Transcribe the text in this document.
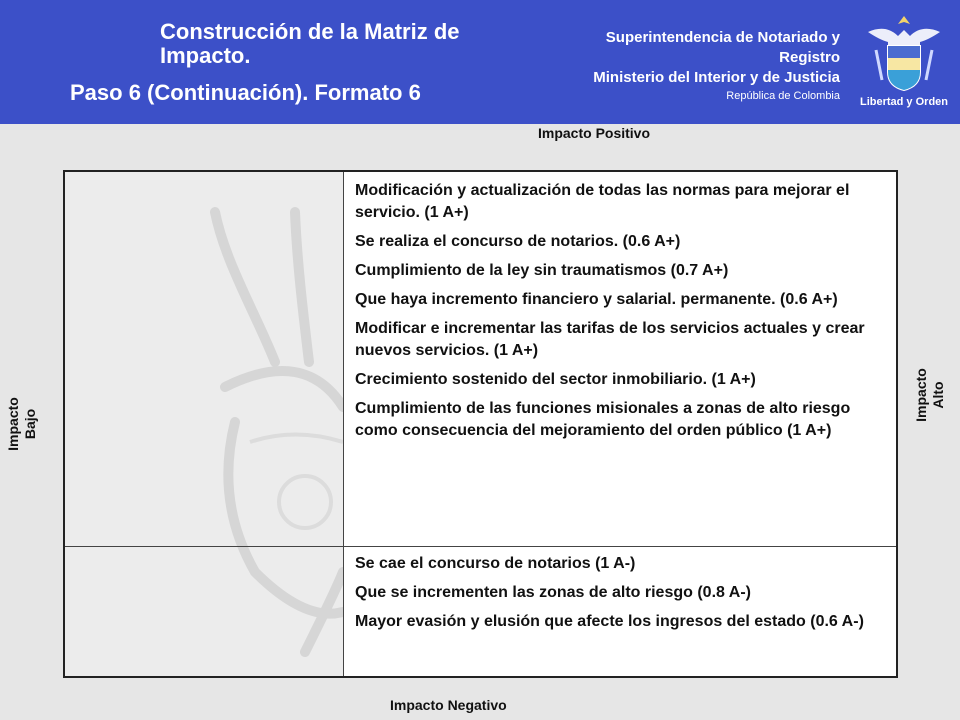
Construcción de la Matriz de Impacto.
Paso 6 (Continuación). Formato 6
Superintendencia de Notariado y Registro
Ministerio del Interior y de Justicia
República de Colombia Libertad y Orden
Impacto Positivo
Impacto Negativo
Impacto Bajo
Impacto Alto

Modificación y actualización de todas las normas para mejorar el servicio. (1 A+)

Se realiza el concurso de notarios. (0.6 A+)

Cumplimiento de la ley sin traumatismos (0.7 A+)

Que haya incremento financiero y salarial. permanente. (0.6 A+)

Modificar e incrementar las tarifas de los servicios actuales y crear nuevos servicios. (1 A+)

Crecimiento sostenido del sector inmobiliario. (1 A+)

Cumplimiento de las funciones misionales a zonas de alto riesgo como consecuencia del mejoramiento del orden público (1 A+)

Se cae el concurso de notarios (1 A-)

Que se incrementen las zonas de alto riesgo (0.8 A-)

Mayor evasión y elusión que afecte los ingresos del estado (0.6 A-)
